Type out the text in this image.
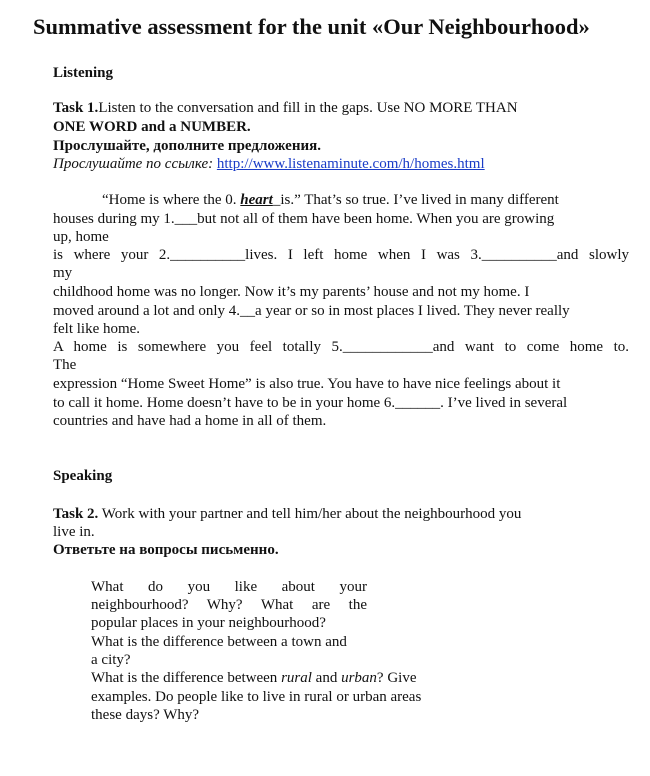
Summative assessment for the unit «Our Neighbourhood»
Listening
Task 1.Listen to the conversation and fill in the gaps. Use NO MORE THAN
ONE WORD and a NUMBER.
Прослушайте, дополните предложения.
Прослушайте по ссылке: http://www.listenaminute.com/h/homes.html
“Home is where the 0. heart_is.” That’s so true. I’ve lived in many different
houses during my 1.___but not all of them have been home. When you are growing
up, home
is where your 2.__________lives. I left home when I was 3.__________and slowly
my
childhood home was no longer. Now it’s my parents’ house and not my home. I
moved around a lot and only 4.__a year or so in most places I lived. They never really
felt like home.
A home is somewhere you feel totally 5.____________and want to come home to.
The
expression “Home Sweet Home” is also true. You have to have nice feelings about it
to call it home. Home doesn’t have to be in your home 6.______. I’ve lived in several
countries and have had a home in all of them.
Speaking
Task 2. Work with your partner and tell him/her about the neighbourhood you
live in.
Ответьте на вопросы письменно.
What do you like about your
neighbourhood? Why? What are the
popular places in your neighbourhood?
What is the difference between a town and
a city?
What is the difference between rural and urban? Give
examples. Do people like to live in rural or urban areas
these days? Why?
